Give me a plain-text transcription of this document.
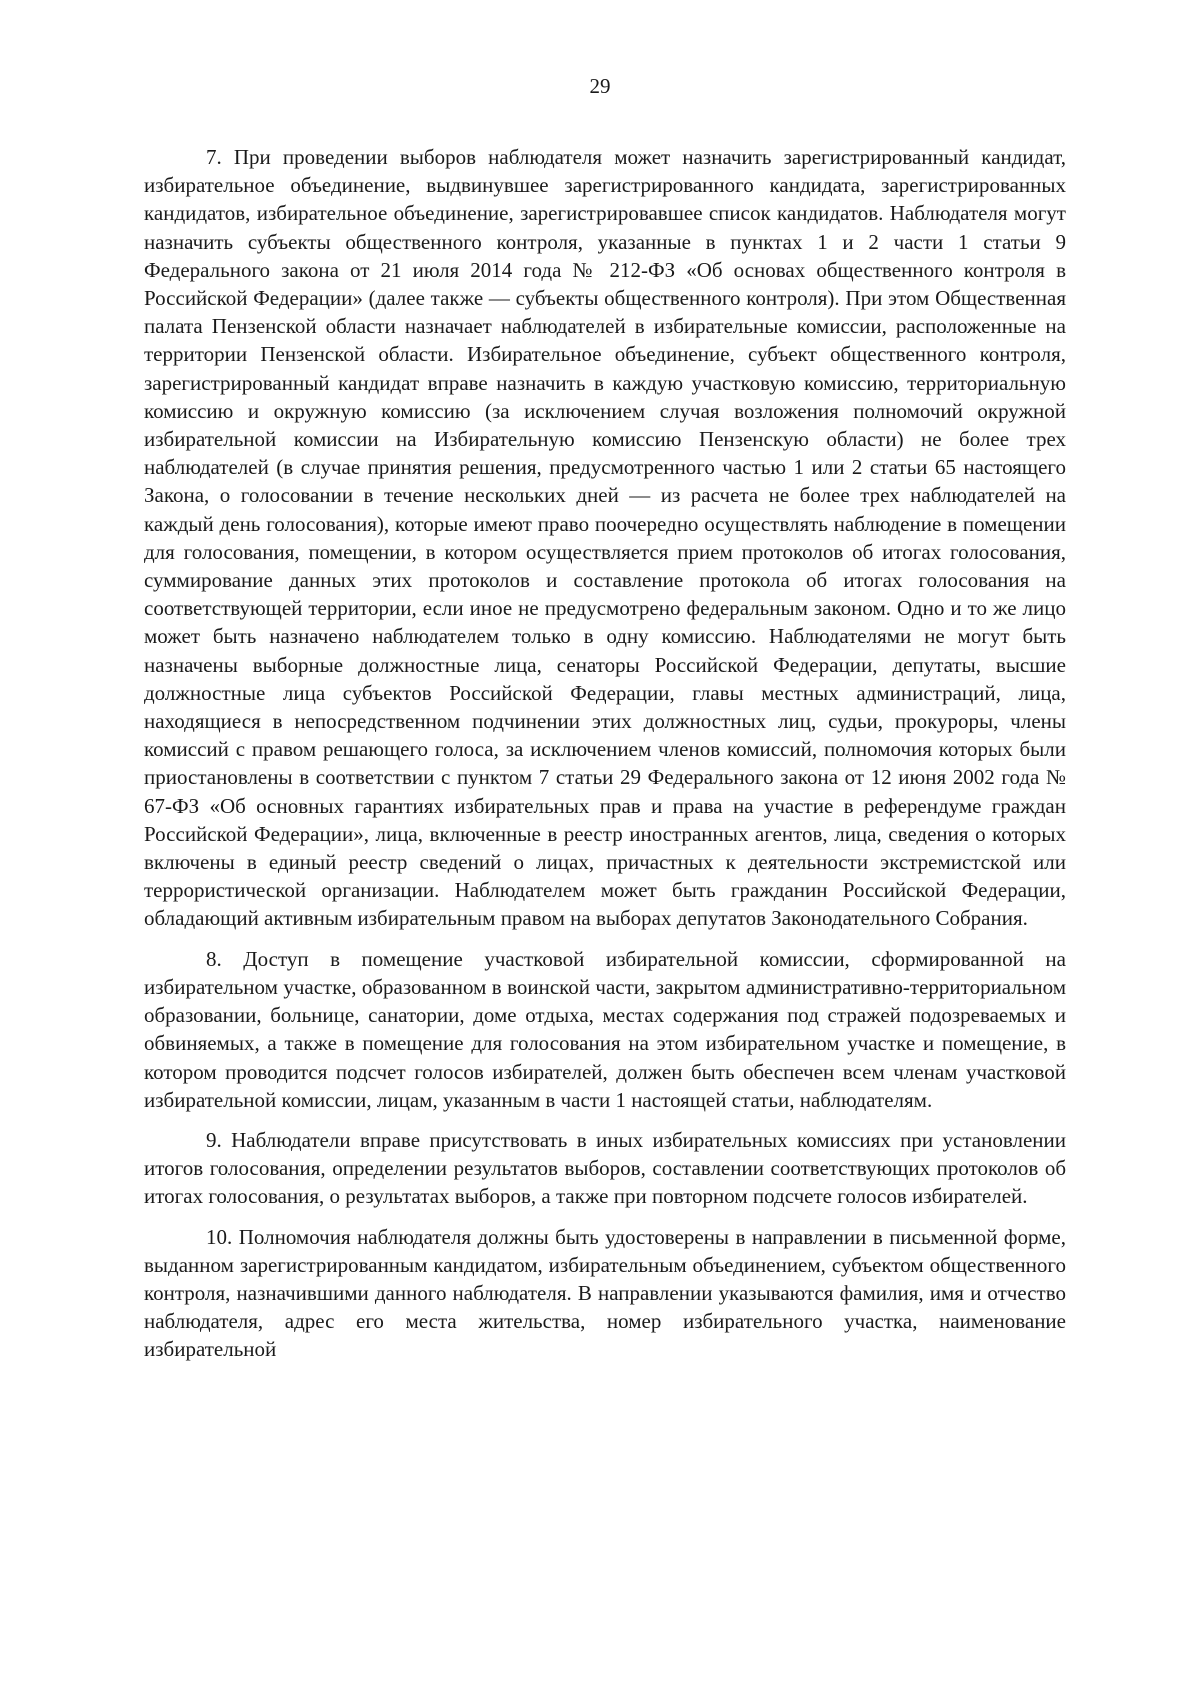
29

7. При проведении выборов наблюдателя может назначить зарегистрированный кандидат, избирательное объединение, выдвинувшее зарегистрированного кандидата, зарегистрированных кандидатов, избирательное объединение, зарегистрировавшее список кандидатов. Наблюдателя могут назначить субъекты общественного контроля, указанные в пунктах 1 и 2 части 1 статьи 9 Федерального закона от 21 июля 2014 года № 212-ФЗ «Об основах общественного контроля в Российской Федерации» (далее также — субъекты общественного контроля). При этом Общественная палата Пензенской области назначает наблюдателей в избирательные комиссии, расположенные на территории Пензенской области. Избирательное объединение, субъект общественного контроля, зарегистрированный кандидат вправе назначить в каждую участковую комиссию, территориальную комиссию и окружную комиссию (за исключением случая возложения полномочий окружной избирательной комиссии на Избирательную комиссию Пензенскую области) не более трех наблюдателей (в случае принятия решения, предусмотренного частью 1 или 2 статьи 65 настоящего Закона, о голосовании в течение нескольких дней — из расчета не более трех наблюдателей на каждый день голосования), которые имеют право поочередно осуществлять наблюдение в помещении для голосования, помещении, в котором осуществляется прием протоколов об итогах голосования, суммирование данных этих протоколов и составление протокола об итогах голосования на соответствующей территории, если иное не предусмотрено федеральным законом. Одно и то же лицо может быть назначено наблюдателем только в одну комиссию. Наблюдателями не могут быть назначены выборные должностные лица, сенаторы Российской Федерации, депутаты, высшие должностные лица субъектов Российской Федерации, главы местных администраций, лица, находящиеся в непосредственном подчинении этих должностных лиц, судьи, прокуроры, члены комиссий с правом решающего голоса, за исключением членов комиссий, полномочия которых были приостановлены в соответствии с пунктом 7 статьи 29 Федерального закона от 12 июня 2002 года № 67-ФЗ «Об основных гарантиях избирательных прав и права на участие в референдуме граждан Российской Федерации», лица, включенные в реестр иностранных агентов, лица, сведения о которых включены в единый реестр сведений о лицах, причастных к деятельности экстремистской или террористической организации. Наблюдателем может быть гражданин Российской Федерации, обладающий активным избирательным правом на выборах депутатов Законодательного Собрания.

8. Доступ в помещение участковой избирательной комиссии, сформированной на избирательном участке, образованном в воинской части, закрытом административно-территориальном образовании, больнице, санатории, доме отдыха, местах содержания под стражей подозреваемых и обвиняемых, а также в помещение для голосования на этом избирательном участке и помещение, в котором проводится подсчет голосов избирателей, должен быть обеспечен всем членам участковой избирательной комиссии, лицам, указанным в части 1 настоящей статьи, наблюдателям.

9. Наблюдатели вправе присутствовать в иных избирательных комиссиях при установлении итогов голосования, определении результатов выборов, составлении соответствующих протоколов об итогах голосования, о результатах выборов, а также при повторном подсчете голосов избирателей.

10. Полномочия наблюдателя должны быть удостоверены в направлении в письменной форме, выданном зарегистрированным кандидатом, избирательным объединением, субъектом общественного контроля, назначившими данного наблюдателя. В направлении указываются фамилия, имя и отчество наблюдателя, адрес его места жительства, номер избирательного участка, наименование избирательной
